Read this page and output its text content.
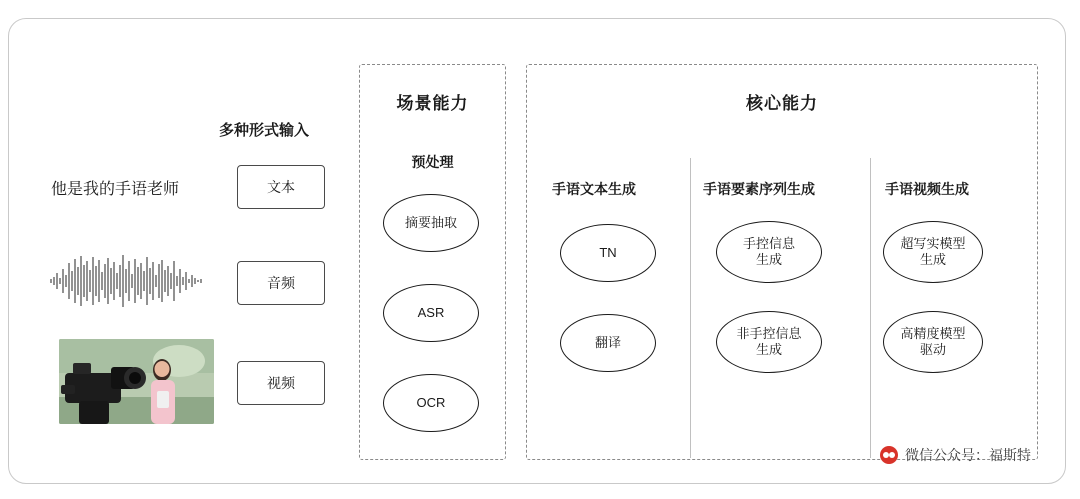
多种形式输入
他是我的手语老师	文本
音频
视频
场景能力
预处理
摘要抽取
ASR
OCR
核心能力
手语文本生成
TN
翻译
手语要素序列生成
手控信息
生成
非手控信息
生成
手语视频生成
超写实模型
生成
高精度模型
驱动
微信公众号：福斯特
